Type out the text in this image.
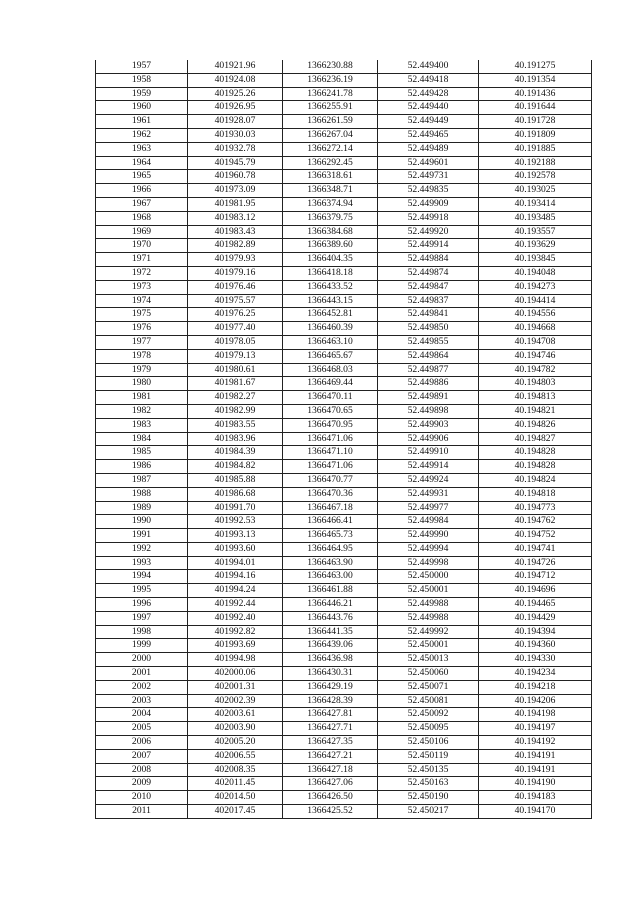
1957	401921.96	1366230.88	52.449400	40.191275
1958	401924.08	1366236.19	52.449418	40.191354
1959	401925.26	1366241.78	52.449428	40.191436
1960	401926.95	1366255.91	52.449440	40.191644
1961	401928.07	1366261.59	52.449449	40.191728
1962	401930.03	1366267.04	52.449465	40.191809
1963	401932.78	1366272.14	52.449489	40.191885
1964	401945.79	1366292.45	52.449601	40.192188
1965	401960.78	1366318.61	52.449731	40.192578
1966	401973.09	1366348.71	52.449835	40.193025
1967	401981.95	1366374.94	52.449909	40.193414
1968	401983.12	1366379.75	52.449918	40.193485
1969	401983.43	1366384.68	52.449920	40.193557
1970	401982.89	1366389.60	52.449914	40.193629
1971	401979.93	1366404.35	52.449884	40.193845
1972	401979.16	1366418.18	52.449874	40.194048
1973	401976.46	1366433.52	52.449847	40.194273
1974	401975.57	1366443.15	52.449837	40.194414
1975	401976.25	1366452.81	52.449841	40.194556
1976	401977.40	1366460.39	52.449850	40.194668
1977	401978.05	1366463.10	52.449855	40.194708
1978	401979.13	1366465.67	52.449864	40.194746
1979	401980.61	1366468.03	52.449877	40.194782
1980	401981.67	1366469.44	52.449886	40.194803
1981	401982.27	1366470.11	52.449891	40.194813
1982	401982.99	1366470.65	52.449898	40.194821
1983	401983.55	1366470.95	52.449903	40.194826
1984	401983.96	1366471.06	52.449906	40.194827
1985	401984.39	1366471.10	52.449910	40.194828
1986	401984.82	1366471.06	52.449914	40.194828
1987	401985.88	1366470.77	52.449924	40.194824
1988	401986.68	1366470.36	52.449931	40.194818
1989	401991.70	1366467.18	52.449977	40.194773
1990	401992.53	1366466.41	52.449984	40.194762
1991	401993.13	1366465.73	52.449990	40.194752
1992	401993.60	1366464.95	52.449994	40.194741
1993	401994.01	1366463.90	52.449998	40.194726
1994	401994.16	1366463.00	52.450000	40.194712
1995	401994.24	1366461.88	52.450001	40.194696
1996	401992.44	1366446.21	52.449988	40.194465
1997	401992.40	1366443.76	52.449988	40.194429
1998	401992.82	1366441.35	52.449992	40.194394
1999	401993.69	1366439.06	52.450001	40.194360
2000	401994.98	1366436.98	52.450013	40.194330
2001	402000.06	1366430.31	52.450060	40.194234
2002	402001.31	1366429.19	52.450071	40.194218
2003	402002.39	1366428.39	52.450081	40.194206
2004	402003.61	1366427.81	52.450092	40.194198
2005	402003.90	1366427.71	52.450095	40.194197
2006	402005.20	1366427.35	52.450106	40.194192
2007	402006.55	1366427.21	52.450119	40.194191
2008	402008.35	1366427.18	52.450135	40.194191
2009	402011.45	1366427.06	52.450163	40.194190
2010	402014.50	1366426.50	52.450190	40.194183
2011	402017.45	1366425.52	52.450217	40.194170
